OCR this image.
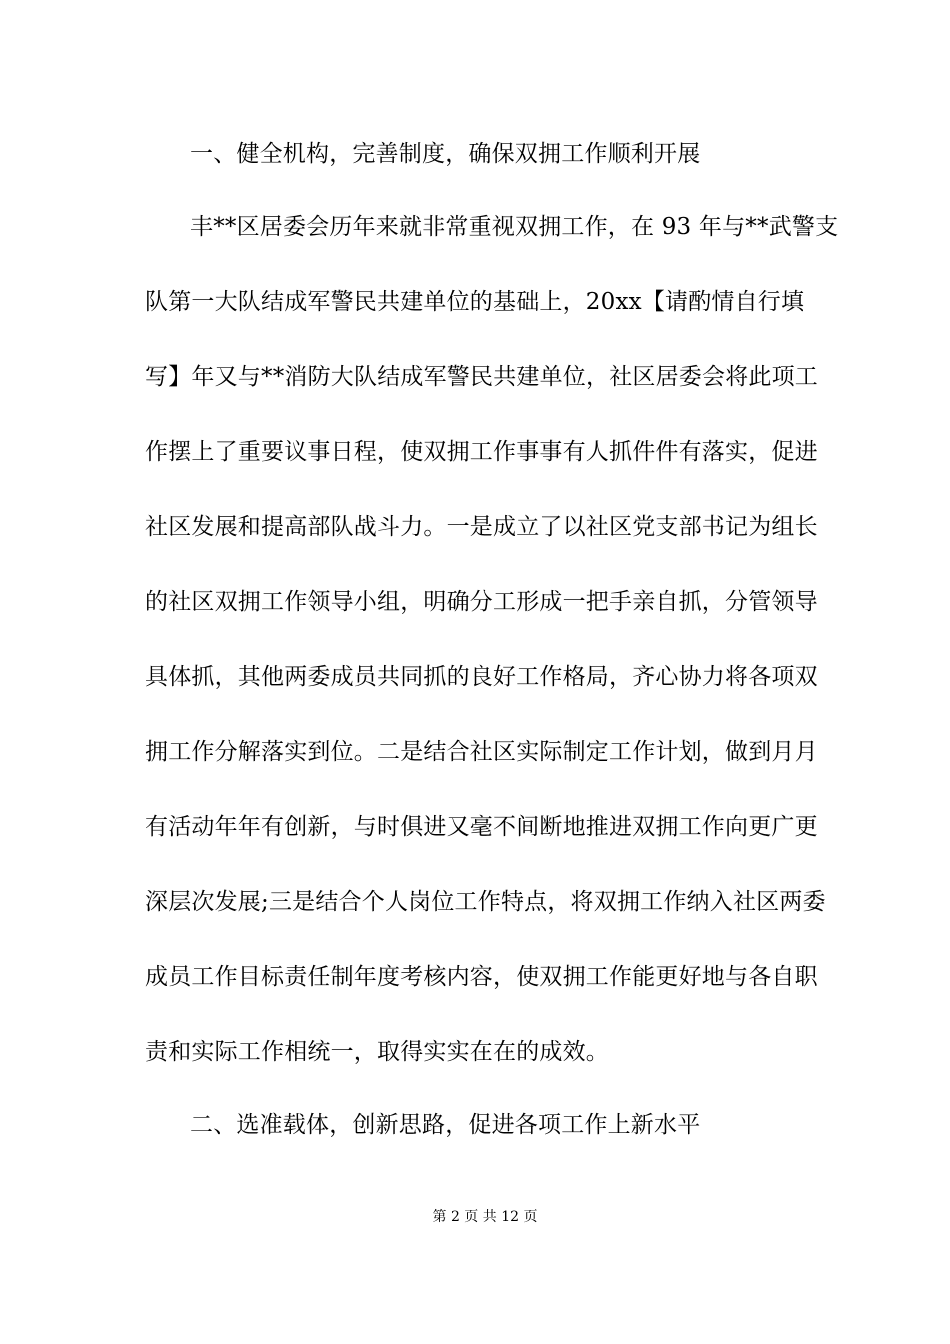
一、健全机构，完善制度，确保双拥工作顺利开展
丰**区居委会历年来就非常重视双拥工作，在 93 年与**武警支
队第一大队结成军警民共建单位的基础上，20xx【请酌情自行填
写】年又与**消防大队结成军警民共建单位，社区居委会将此项工
作摆上了重要议事日程，使双拥工作事事有人抓件件有落实，促进
社区发展和提高部队战斗力。一是成立了以社区党支部书记为组长
的社区双拥工作领导小组，明确分工形成一把手亲自抓，分管领导
具体抓，其他两委成员共同抓的良好工作格局，齐心协力将各项双
拥工作分解落实到位。二是结合社区实际制定工作计划，做到月月
有活动年年有创新，与时俱进又毫不间断地推进双拥工作向更广更
深层次发展;三是结合个人岗位工作特点，将双拥工作纳入社区两委
成员工作目标责任制年度考核内容，使双拥工作能更好地与各自职
责和实际工作相统一，取得实实在在的成效。
二、选准载体，创新思路，促进各项工作上新水平
第 2 页 共 12 页
